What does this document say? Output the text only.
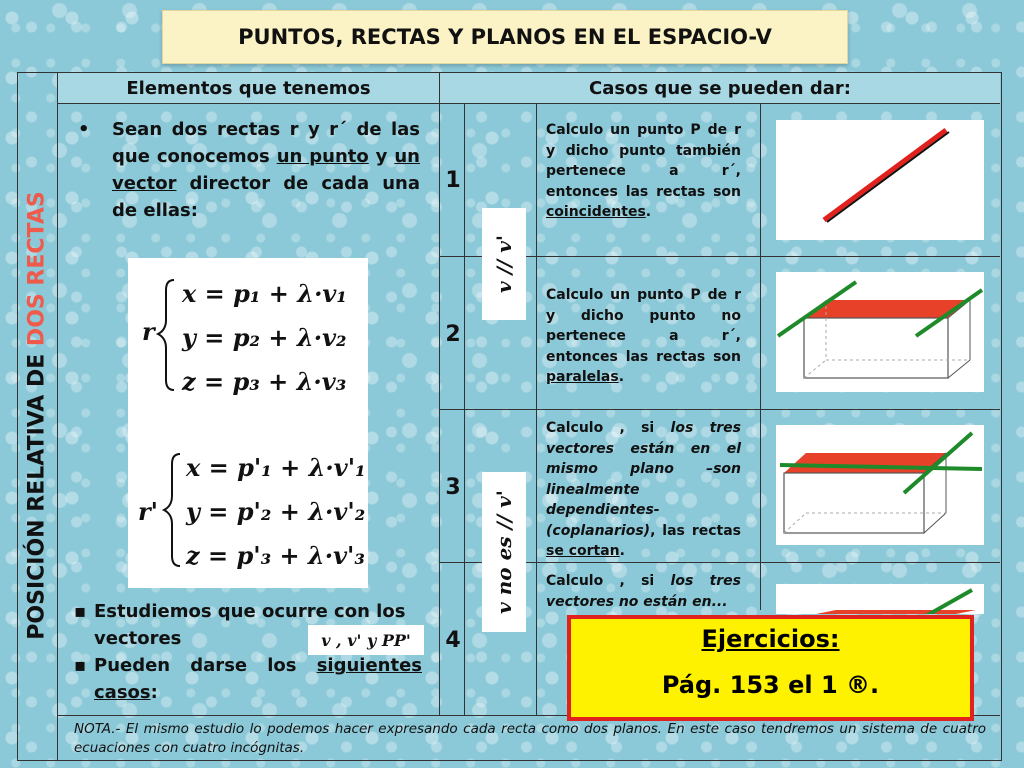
PUNTOS, RECTAS Y PLANOS EN EL ESPACIO-V
POSICIÓN RELATIVA DE DOS RECTAS
Elementos que tenemos	Casos que se pueden dar:
• Sean dos rectas r y r´ de las que conocemos un punto y un vector director de cada una de ellas:
r
x = p₁ + λ·v₁
y = p₂ + λ·v₂
z = p₃ + λ·v₃
r'
x = p'₁ + λ·v'₁
y = p'₂ + λ·v'₂
z = p'₃ + λ·v'₃
▪ Estudiemos que ocurre con los vectores
▪ Pueden darse los siguientes casos:
v , v' y PP'
1
2
3
4
v // v'
v no es // v'
Calculo un punto P de r y dicho punto también pertenece a r´, entonces las rectas son coincidentes.
Calculo un punto P de r y dicho punto no pertenece a r´, entonces las rectas son paralelas.
Calculo , si los tres vectores están en el mismo plano –son linealmente dependientes- (coplanarios), las rectas se cortan.
Calculo , si los tres vectores no están en...
Ejercicios:
Pág. 153 el 1 ®.
NOTA.- El mismo estudio lo podemos hacer expresando cada recta como dos planos. En este caso tendremos un sistema de cuatro ecuaciones con cuatro incógnitas.
